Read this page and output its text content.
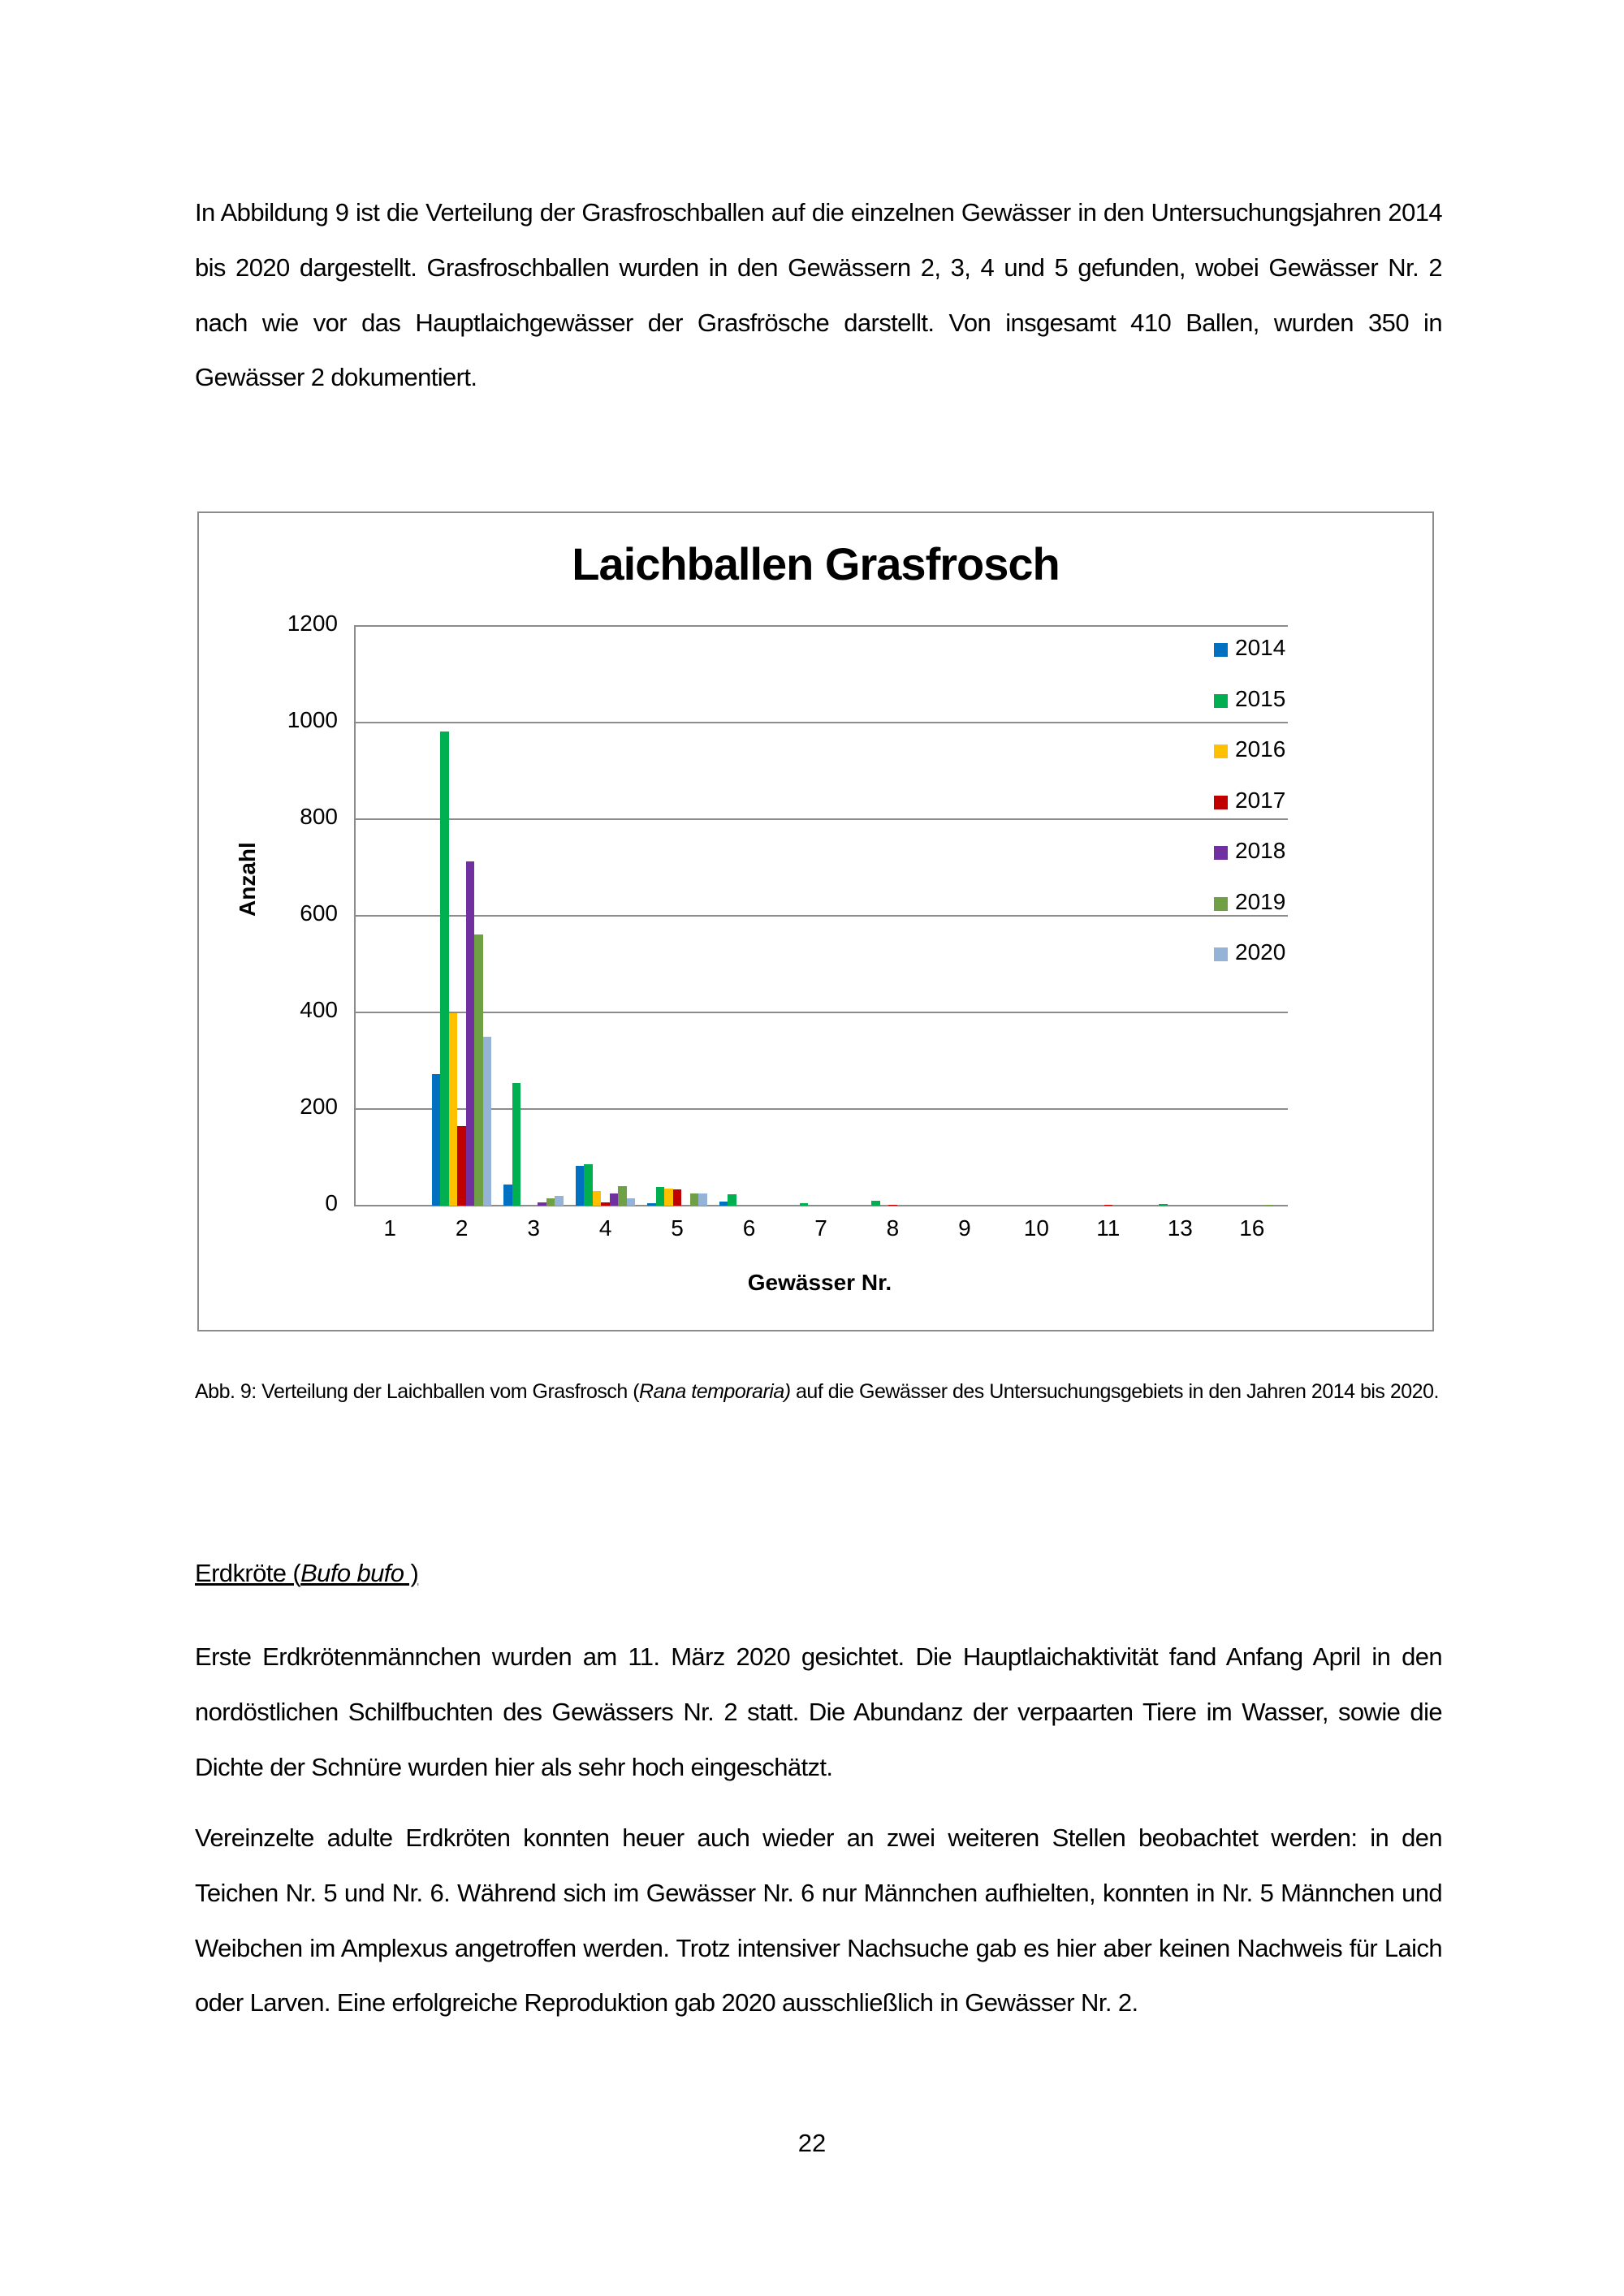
In Abbildung 9 ist die Verteilung der Grasfroschballen auf die einzelnen Gewässer in den Untersuchungsjahren 2014 bis 2020 dargestellt. Grasfroschballen wurden in den Gewässern 2, 3, 4 und 5 gefunden, wobei Gewässer Nr. 2 nach wie vor das Hauptlaichgewässer der Grasfrösche darstellt. Von insgesamt 410 Ballen, wurden 350 in Gewässer 2 dokumentiert.
Laichballen Grasfrosch
Anzahl
0
200
400
600
800
1000
1200
1	2	3	4	5	6	7	8	9	10	11	13	16
Gewässer Nr.
2014
2015
2016
2017
2018
2019
2020
Abb. 9: Verteilung der Laichballen vom Grasfrosch (Rana temporaria) auf die Gewässer des Untersuchungsgebiets in den Jahren 2014 bis 2020.
Erdkröte (Bufo bufo )
Erste Erdkrötenmännchen wurden am 11. März 2020 gesichtet. Die Hauptlaichaktivität fand Anfang April in den nordöstlichen Schilfbuchten des Gewässers Nr. 2 statt. Die Abundanz der verpaarten Tiere im Wasser, sowie die Dichte der Schnüre wurden hier als sehr hoch eingeschätzt.
Vereinzelte adulte Erdkröten konnten heuer auch wieder an zwei weiteren Stellen beobachtet werden: in den Teichen Nr. 5 und Nr. 6. Während sich im Gewässer Nr. 6 nur Männchen aufhielten, konnten in Nr. 5 Männchen und Weibchen im Amplexus angetroffen werden. Trotz intensiver Nachsuche gab es hier aber keinen Nachweis für Laich oder Larven. Eine erfolgreiche Reproduktion gab 2020 ausschließlich in Gewässer Nr. 2.
22
